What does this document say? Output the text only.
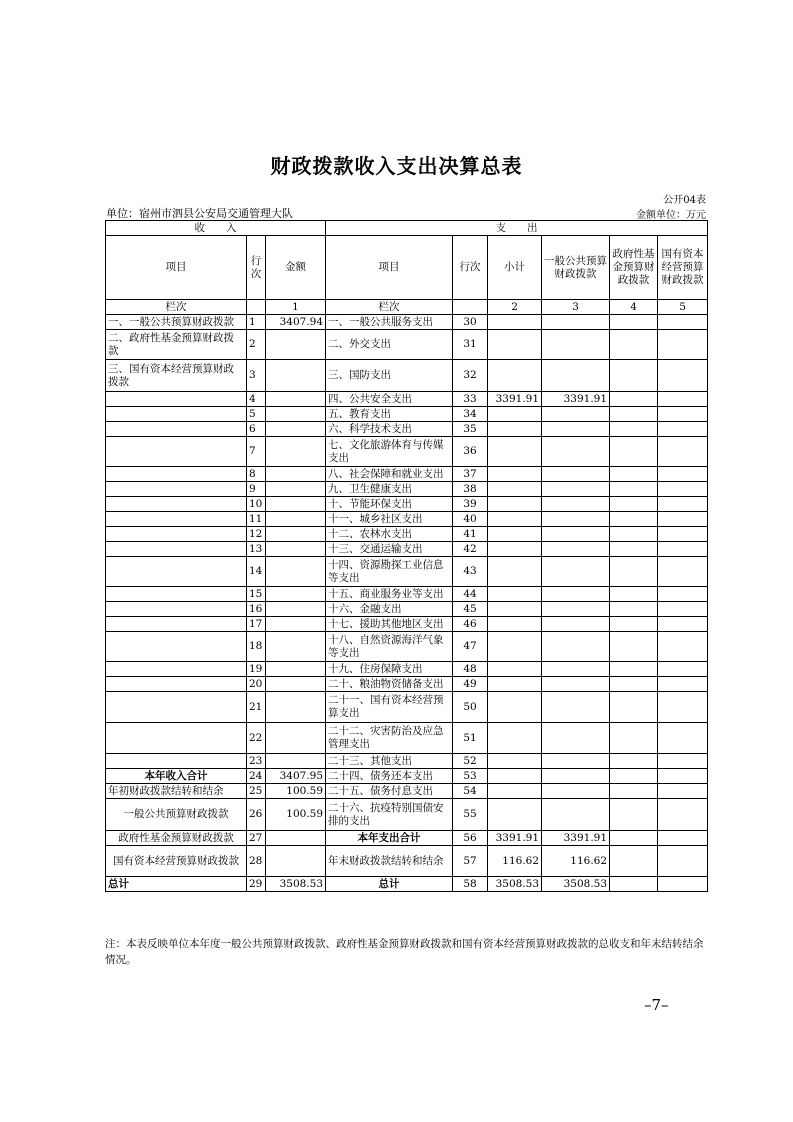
财政拨款收入支出决算总表
公开04表
单位：宿州市泗县公安局交通管理大队	金额单位：万元
收　　入			支　　出					
项目	行次	金额	项目	行次	小计	一般公共预算财政拨款	政府性基金预算财政拨款	国有资本经营预算财政拨款
栏次		1	栏次		2	3	4	5
一、一般公共预算财政拨款	1	3407.94	一、一般公共服务支出	30				
二、政府性基金预算财政拨款	2		二、外交支出	31				
三、国有资本经营预算财政拨款	3		三、国防支出	32				
	4		四、公共安全支出	33	3391.91	3391.91		
	5		五、教育支出	34				
	6		六、科学技术支出	35				
	7		七、文化旅游体育与传媒支出	36				
	8		八、社会保障和就业支出	37				
	9		九、卫生健康支出	38				
	10		十、节能环保支出	39				
	11		十一、城乡社区支出	40				
	12		十二、农林水支出	41				
	13		十三、交通运输支出	42				
	14		十四、资源勘探工业信息等支出	43				
	15		十五、商业服务业等支出	44				
	16		十六、金融支出	45				
	17		十七、援助其他地区支出	46				
	18		十八、自然资源海洋气象等支出	47				
	19		十九、住房保障支出	48				
	20		二十、粮油物资储备支出	49				
	21		二十一、国有资本经营预算支出	50				
	22		二十二、灾害防治及应急管理支出	51				
	23		二十三、其他支出	52				
本年收入合计	24	3407.95	二十四、债务还本支出	53				
年初财政拨款结转和结余	25	100.59	二十五、债务付息支出	54				
一般公共预算财政拨款	26	100.59	二十六、抗疫特别国债安排的支出	55				
政府性基金预算财政拨款	27		本年支出合计	56	3391.91	3391.91		
国有资本经营预算财政拨款	28		年末财政拨款结转和结余	57	116.62	116.62		
总计	29	3508.53	总计	58	3508.53	3508.53		
注：本表反映单位本年度一般公共预算财政拨款、政府性基金预算财政拨款和国有资本经营预算财政拨款的总收支和年末结转结余情况。
–7–
